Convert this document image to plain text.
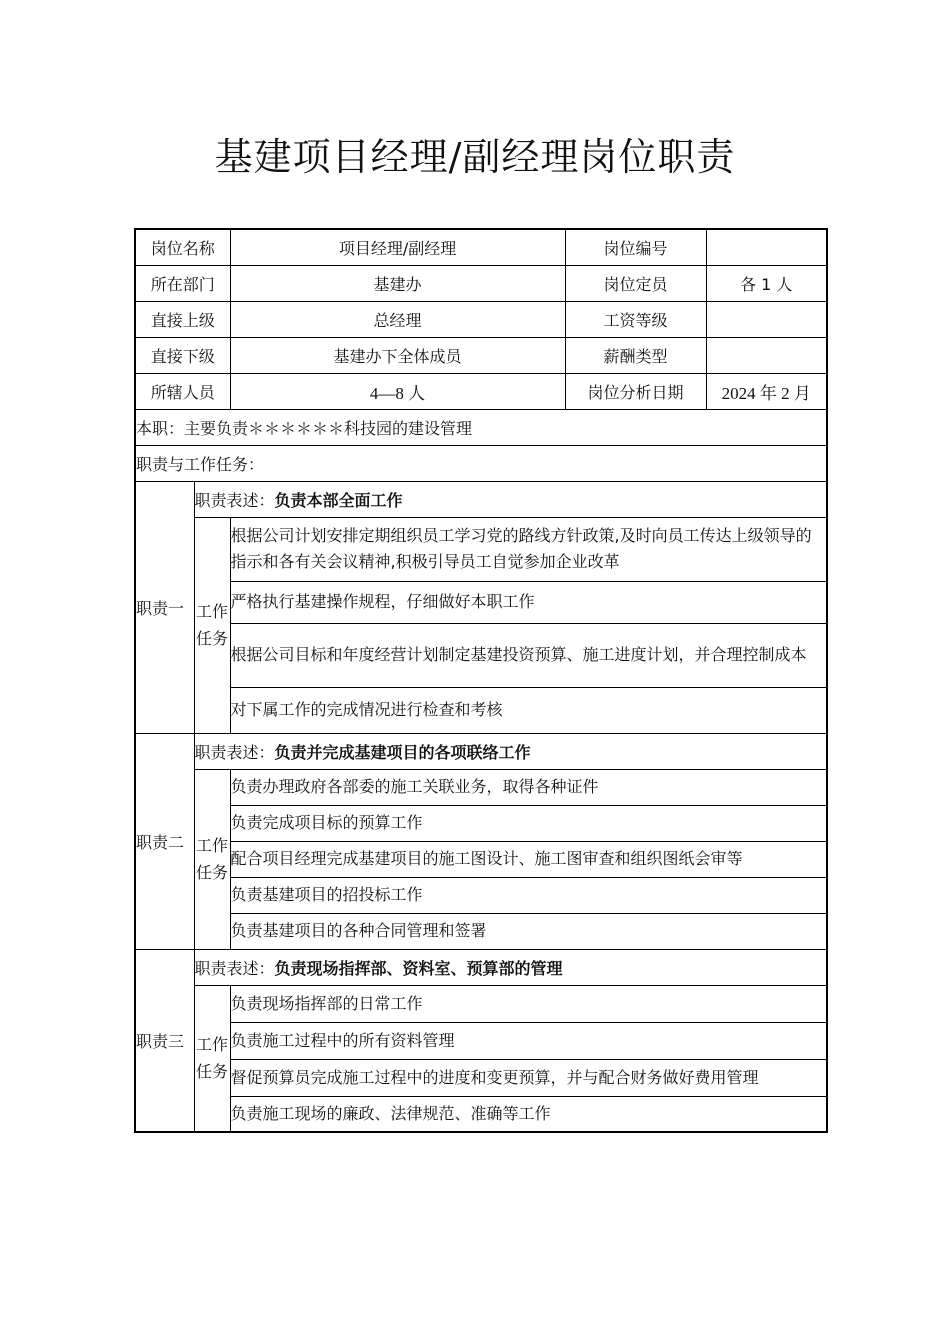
基建项目经理/副经理岗位职责
岗位名称		项目经理/副经理	岗位编号	
所在部门		基建办	岗位定员	各 1 人
直接上级		总经理	工资等级	
直接下级		基建办下全体成员	薪酬类型	
所辖人员		4—8 人	岗位分析日期	2024 年 2 月
本职：主要负责＊＊＊＊＊＊科技园的建设管理				
职责与工作任务：				
职责一	职责表述：负责本部全面工作			
	工作任务	根据公司计划安排定期组织员工学习党的路线方针政策,及时向员工传达上级领导的指示和各有关会议精神,积极引导员工自觉参加企业改革		
		严格执行基建操作规程，仔细做好本职工作		
		根据公司目标和年度经营计划制定基建投资预算、施工进度计划，并合理控制成本		
		对下属工作的完成情况进行检查和考核		
职责二	职责表述：负责并完成基建项目的各项联络工作			
	工作任务	负责办理政府各部委的施工关联业务，取得各种证件		
		负责完成项目标的预算工作		
		配合项目经理完成基建项目的施工图设计、施工图审查和组织图纸会审等		
		负责基建项目的招投标工作		
		负责基建项目的各种合同管理和签署		
职责三	职责表述：负责现场指挥部、资料室、预算部的管理			
	工作任务	负责现场指挥部的日常工作		
		负责施工过程中的所有资料管理		
		督促预算员完成施工过程中的进度和变更预算，并与配合财务做好费用管理		
		负责施工现场的廉政、法律规范、准确等工作		
